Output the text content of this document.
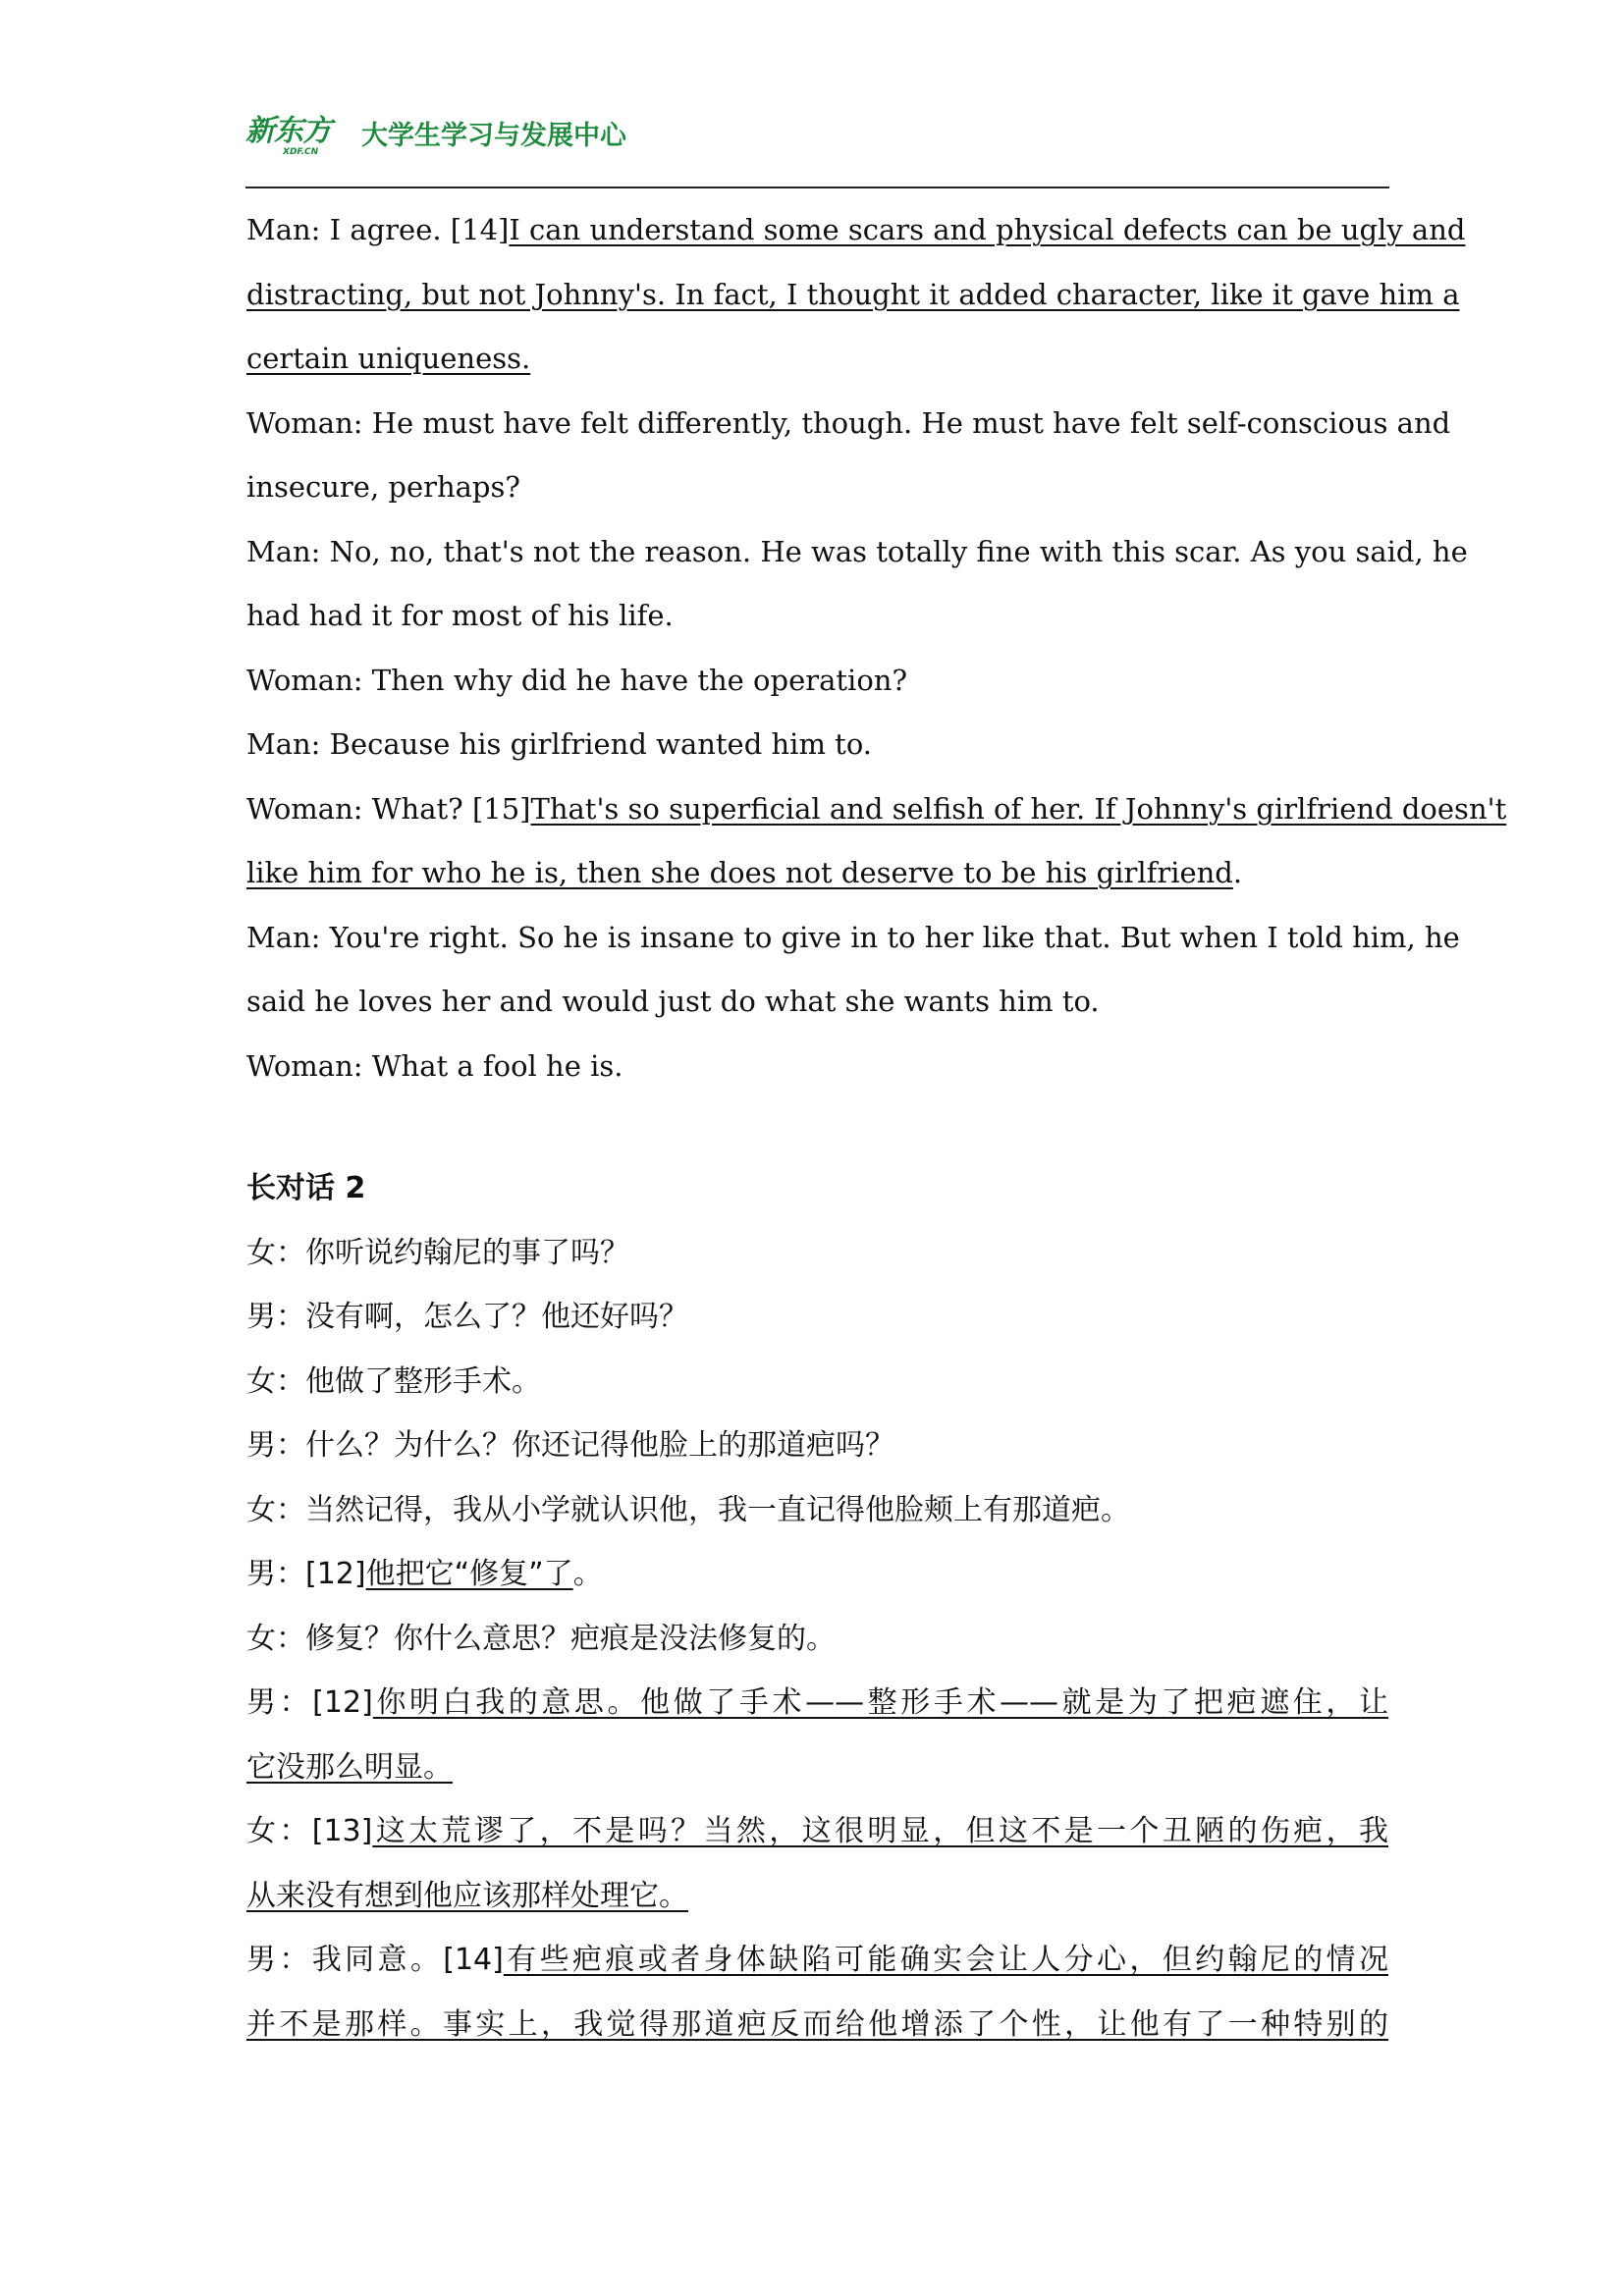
新东方
XDF.CN
大学生学习与发展中心
Man: I agree. [14]I can understand some scars and physical defects can be ugly and
distracting, but not Johnny's. In fact, I thought it added character, like it gave him a
certain uniqueness.
Woman: He must have felt differently, though. He must have felt self-conscious and
insecure, perhaps?
Man: No, no, that's not the reason. He was totally fine with this scar. As you said, he
had had it for most of his life.
Woman: Then why did he have the operation?
Man: Because his girlfriend wanted him to.
Woman: What? [15]That's so superficial and selfish of her. If Johnny's girlfriend doesn't
like him for who he is, then she does not deserve to be his girlfriend.
Man: You're right. So he is insane to give in to her like that. But when I told him, he
said he loves her and would just do what she wants him to.
Woman: What a fool he is.
长对话 2
女：你听说约翰尼的事了吗？
男：没有啊，怎么了？他还好吗？
女：他做了整形手术。
男：什么？为什么？你还记得他脸上的那道疤吗？
女：当然记得，我从小学就认识他，我一直记得他脸颊上有那道疤。
男：[12]他把它“修复”了。
女：修复？你什么意思？疤痕是没法修复的。
男：[12]你明白我的意思。他做了手术——整形手术——就是为了把疤遮住，让
它没那么明显。
女：[13]这太荒谬了，不是吗？当然，这很明显，但这不是一个丑陋的伤疤，我
从来没有想到他应该那样处理它。
男：我同意。[14]有些疤痕或者身体缺陷可能确实会让人分心，但约翰尼的情况
并不是那样。事实上，我觉得那道疤反而给他增添了个性，让他有了一种特别的
